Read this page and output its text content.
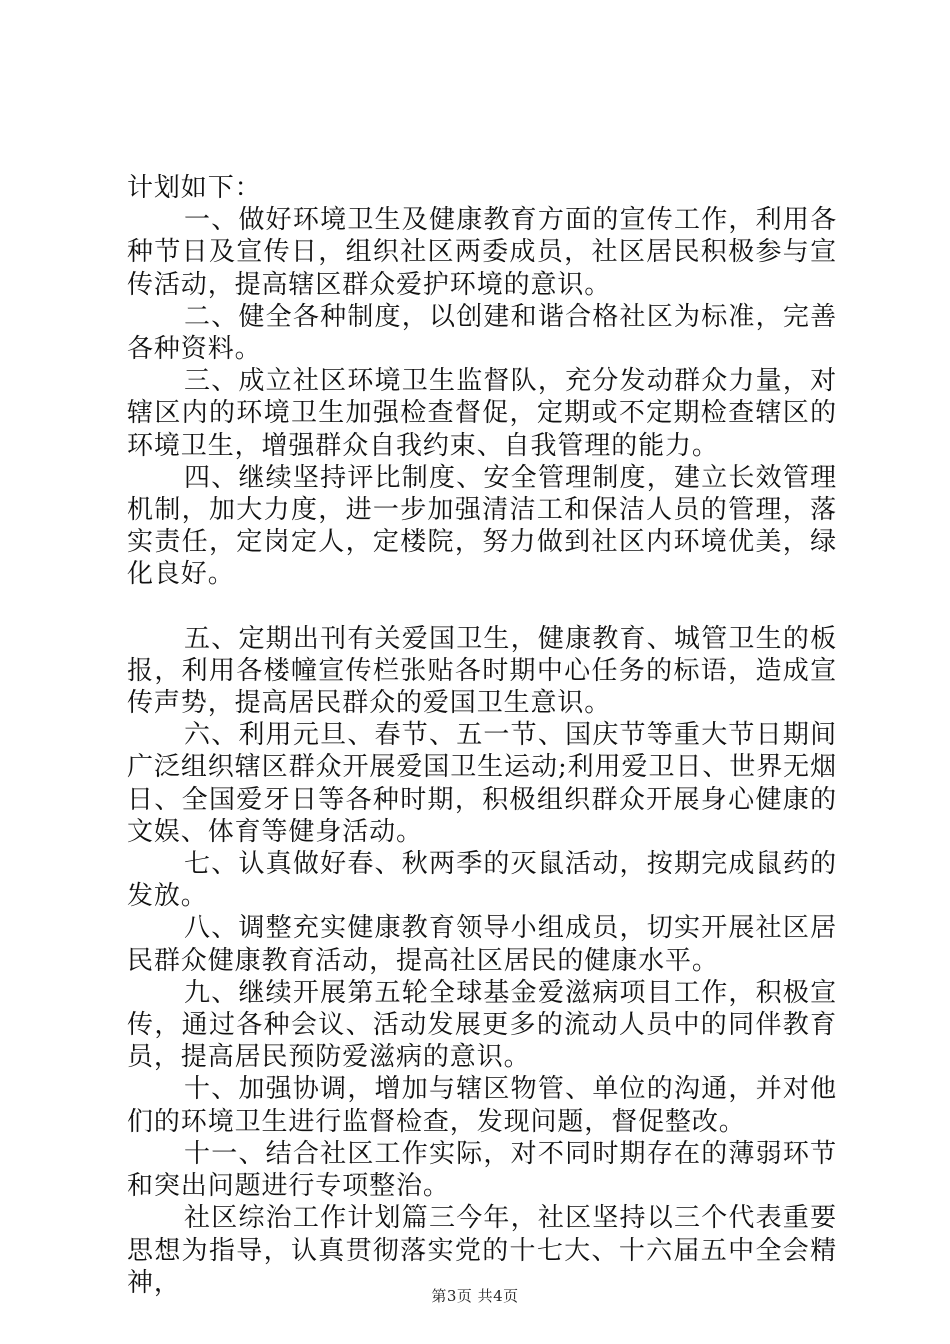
计划如下：

一、做好环境卫生及健康教育方面的宣传工作，利用各种节日及宣传日，组织社区两委成员，社区居民积极参与宣传活动，提高辖区群众爱护环境的意识。

二、健全各种制度，以创建和谐合格社区为标准，完善各种资料。

三、成立社区环境卫生监督队，充分发动群众力量，对辖区内的环境卫生加强检查督促，定期或不定期检查辖区的环境卫生，增强群众自我约束、自我管理的能力。

四、继续坚持评比制度、安全管理制度，建立长效管理机制，加大力度，进一步加强清洁工和保洁人员的管理，落实责任，定岗定人，定楼院，努力做到社区内环境优美，绿化良好。

五、定期出刊有关爱国卫生，健康教育、城管卫生的板报，利用各楼幢宣传栏张贴各时期中心任务的标语，造成宣传声势，提高居民群众的爱国卫生意识。

六、利用元旦、春节、五一节、国庆节等重大节日期间广泛组织辖区群众开展爱国卫生运动;利用爱卫日、世界无烟日、全国爱牙日等各种时期，积极组织群众开展身心健康的文娱、体育等健身活动。

七、认真做好春、秋两季的灭鼠活动，按期完成鼠药的发放。

八、调整充实健康教育领导小组成员，切实开展社区居民群众健康教育活动，提高社区居民的健康水平。

九、继续开展第五轮全球基金爱滋病项目工作，积极宣传，通过各种会议、活动发展更多的流动人员中的同伴教育员，提高居民预防爱滋病的意识。

十、加强协调，增加与辖区物管、单位的沟通，并对他们的环境卫生进行监督检查，发现问题，督促整改。

十一、结合社区工作实际，对不同时期存在的薄弱环节和突出问题进行专项整治。

社区综治工作计划篇三今年，社区坚持以三个代表重要思想为指导，认真贯彻落实党的十七大、十六届五中全会精神，	第3页 共4页
